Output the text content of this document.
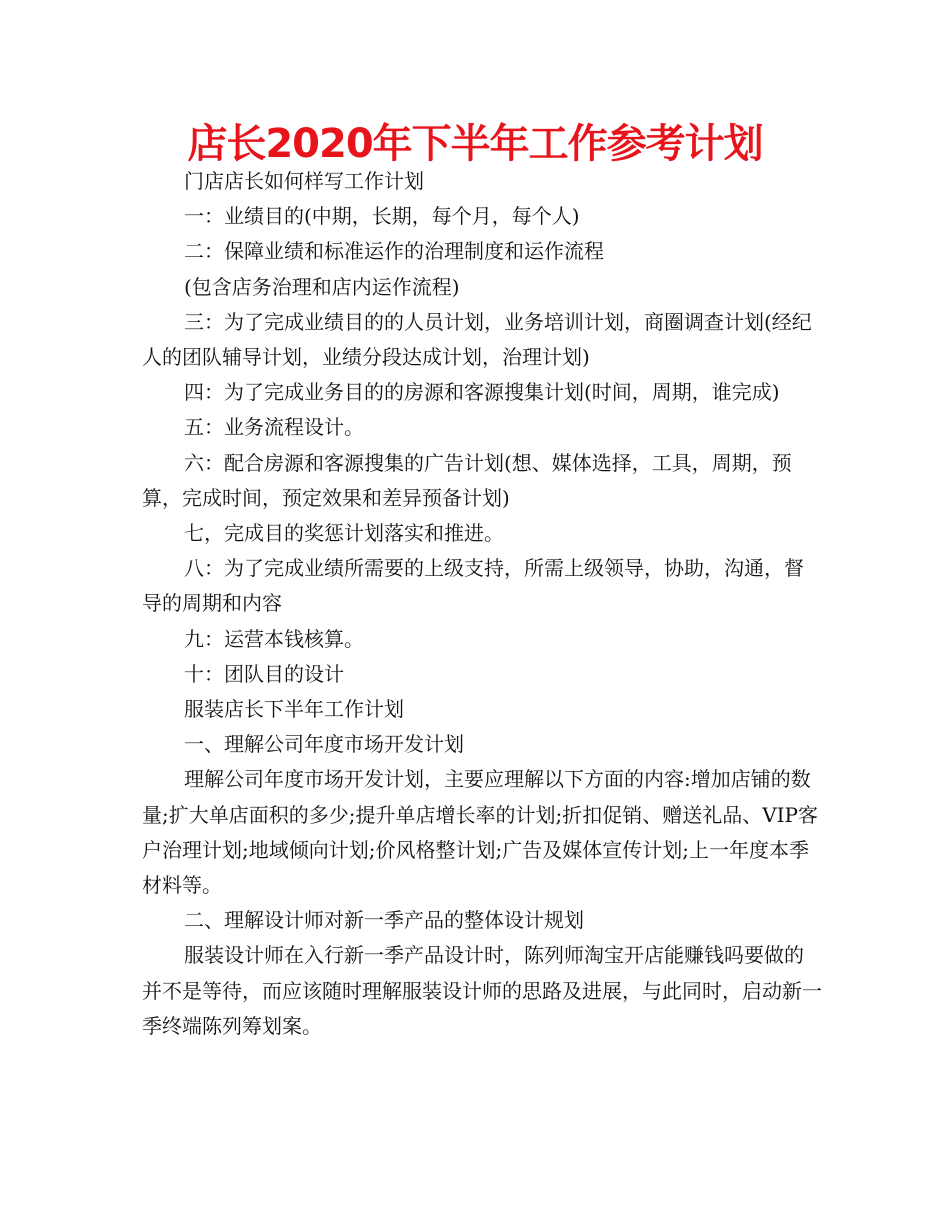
店长2020年下半年工作参考计划

门店店长如何样写工作计划

一：业绩目的(中期，长期，每个月，每个人)

二：保障业绩和标准运作的治理制度和运作流程

(包含店务治理和店内运作流程)

三：为了完成业绩目的的人员计划，业务培训计划，商圈调查计划(经纪人的团队辅导计划，业绩分段达成计划，治理计划)

四：为了完成业务目的的房源和客源搜集计划(时间，周期，谁完成)

五：业务流程设计。

六：配合房源和客源搜集的广告计划(想、媒体选择，工具，周期，预算，完成时间，预定效果和差异预备计划)

七，完成目的奖惩计划落实和推进。

八：为了完成业绩所需要的上级支持，所需上级领导，协助，沟通，督导的周期和内容

九：运营本钱核算。

十：团队目的设计

服装店长下半年工作计划

一、理解公司年度市场开发计划

理解公司年度市场开发计划，主要应理解以下方面的内容:增加店铺的数量;扩大单店面积的多少;提升单店增长率的计划;折扣促销、赠送礼品、VIP客户治理计划;地域倾向计划;价风格整计划;广告及媒体宣传计划;上一年度本季材料等。

二、理解设计师对新一季产品的整体设计规划

服装设计师在入行新一季产品设计时，陈列师淘宝开店能赚钱吗要做的并不是等待，而应该随时理解服装设计师的思路及进展，与此同时，启动新一季终端陈列筹划案。
